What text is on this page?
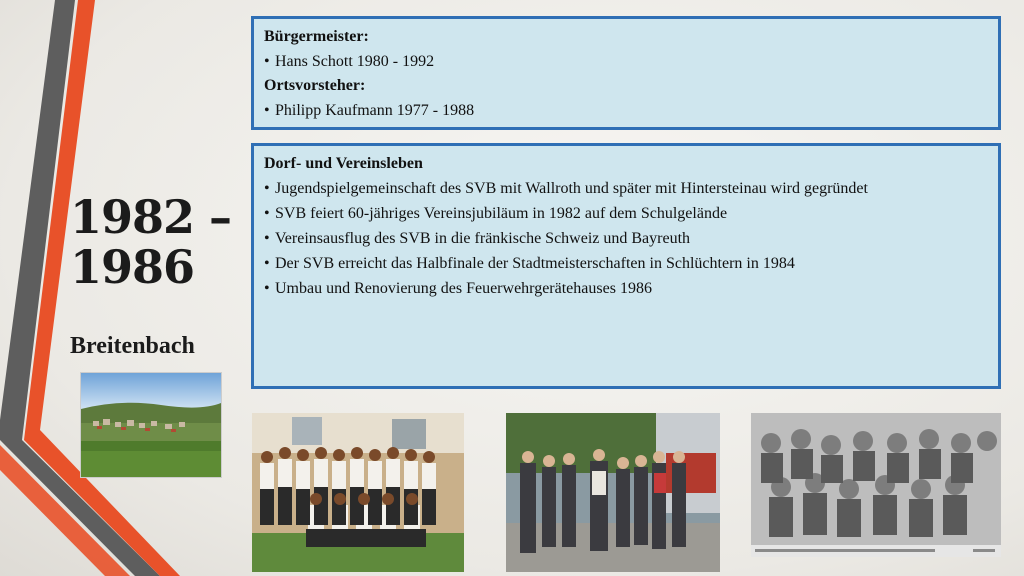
1982 – 1986
Breitenbach
Bürgermeister:
• Hans Schott 1980 - 1992
Ortsvorsteher:
• Philipp Kaufmann 1977 - 1988
Dorf- und Vereinsleben
• Jugendspielgemeinschaft des SVB mit Wallroth und später mit Hintersteinau wird gegründet
• SVB feiert 60-jähriges Vereinsjubiläum in 1982 auf dem Schulgelände
• Vereinsausflug des SVB in die fränkische Schweiz und Bayreuth
• Der SVB erreicht das Halbfinale der Stadtmeisterschaften in Schlüchtern in 1984
• Umbau und Renovierung des Feuerwehrgerätehauses 1986
